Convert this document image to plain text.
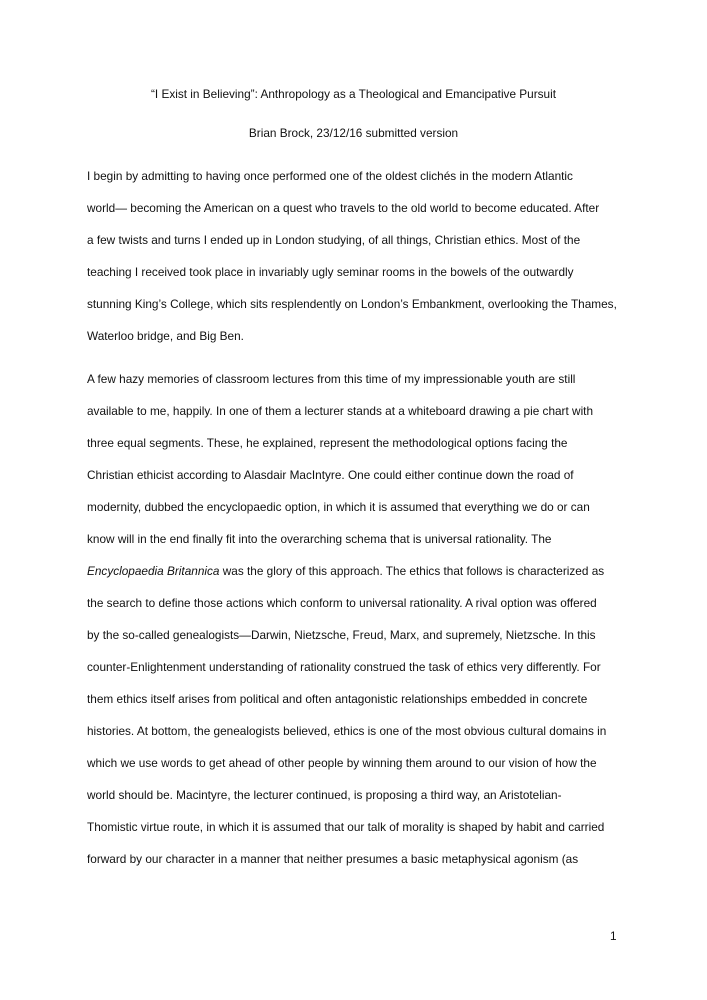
“I Exist in Believing”: Anthropology as a Theological and Emancipative Pursuit
Brian Brock, 23/12/16 submitted version
I begin by admitting to having once performed one of the oldest clichés in the modern Atlantic
world— becoming the American on a quest who travels to the old world to become educated. After
a few twists and turns I ended up in London studying, of all things, Christian ethics. Most of the
teaching I received took place in invariably ugly seminar rooms in the bowels of the outwardly
stunning King’s College, which sits resplendently on London’s Embankment, overlooking the Thames,
Waterloo bridge, and Big Ben.
A few hazy memories of classroom lectures from this time of my impressionable youth are still
available to me, happily. In one of them a lecturer stands at a whiteboard drawing a pie chart with
three equal segments. These, he explained, represent the methodological options facing the
Christian ethicist according to Alasdair MacIntyre. One could either continue down the road of
modernity, dubbed the encyclopaedic option, in which it is assumed that everything we do or can
know will in the end finally fit into the overarching schema that is universal rationality. The
Encyclopaedia Britannica was the glory of this approach. The ethics that follows is characterized as
the search to define those actions which conform to universal rationality. A rival option was offered
by the so-called genealogists—Darwin, Nietzsche, Freud, Marx, and supremely, Nietzsche. In this
counter-Enlightenment understanding of rationality construed the task of ethics very differently. For
them ethics itself arises from political and often antagonistic relationships embedded in concrete
histories. At bottom, the genealogists believed, ethics is one of the most obvious cultural domains in
which we use words to get ahead of other people by winning them around to our vision of how the
world should be. Macintyre, the lecturer continued, is proposing a third way, an Aristotelian-
Thomistic virtue route, in which it is assumed that our talk of morality is shaped by habit and carried
forward by our character in a manner that neither presumes a basic metaphysical agonism (as
1
